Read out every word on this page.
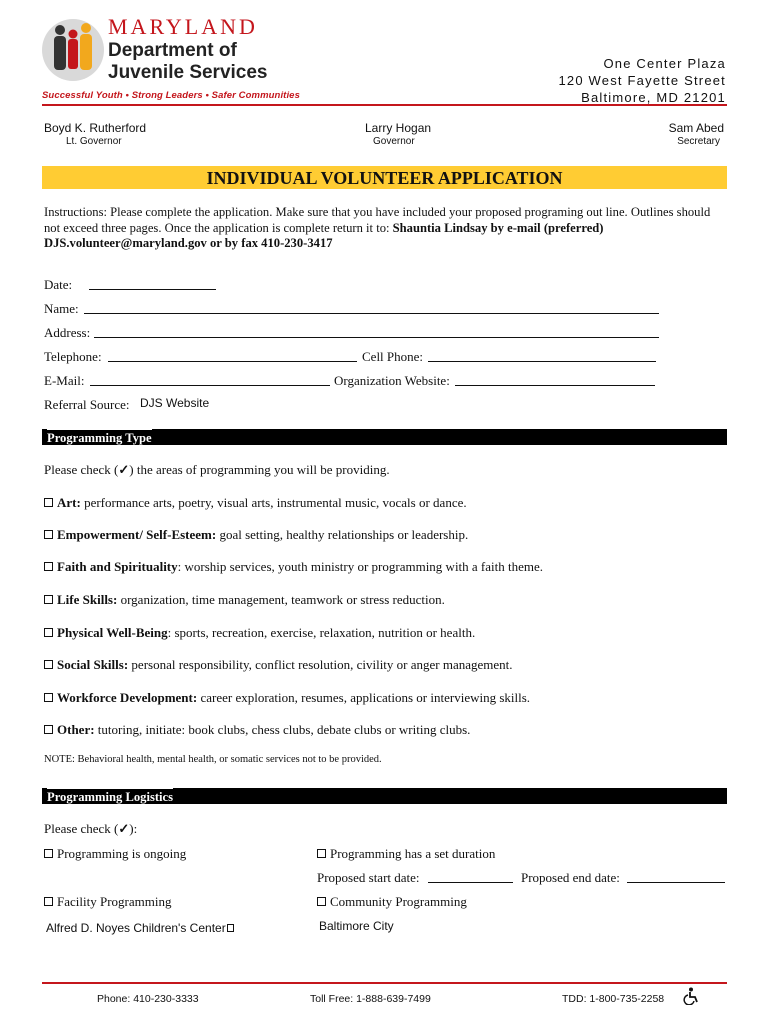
MARYLAND
Department of
Juvenile Services
Successful Youth • Strong Leaders • Safer Communities
One Center Plaza
120 West Fayette Street
Baltimore, MD 21201
Boyd K. Rutherford
Lt. Governor
Larry Hogan
Governor
Sam Abed
Secretary
INDIVIDUAL VOLUNTEER APPLICATION
Instructions: Please complete the application. Make sure that you have included your proposed programing out line. Outlines should not exceed three pages. Once the application is complete return it to: Shauntia Lindsay by e-mail (preferred) DJS.volunteer@maryland.gov or by fax 410-230-3417
Date:
Name:
Address:
Telephone:	Cell Phone:
E-Mail:	Organization Website:
Referral Source: DJS Website
Programming Type
Please check (✓) the areas of programming you will be providing.
Art: performance arts, poetry, visual arts, instrumental music, vocals or dance.
Empowerment/ Self-Esteem: goal setting, healthy relationships or leadership.
Faith and Spirituality: worship services, youth ministry or programming with a faith theme.
Life Skills: organization, time management, teamwork or stress reduction.
Physical Well-Being: sports, recreation, exercise, relaxation, nutrition or health.
Social Skills: personal responsibility, conflict resolution, civility or anger management.
Workforce Development: career exploration, resumes, applications or interviewing skills.
Other: tutoring, initiate: book clubs, chess clubs, debate clubs or writing clubs.
NOTE: Behavioral health, mental health, or somatic services not to be provided.
Programming Logistics
Please check (✓):
Programming is ongoing	Programming has a set duration
Proposed start date:	Proposed end date:
Facility Programming	Community Programming
Alfred D. Noyes Children's Center	Baltimore City
Phone: 410-230-3333	Toll Free: 1-888-639-7499	TDD: 1-800-735-2258
